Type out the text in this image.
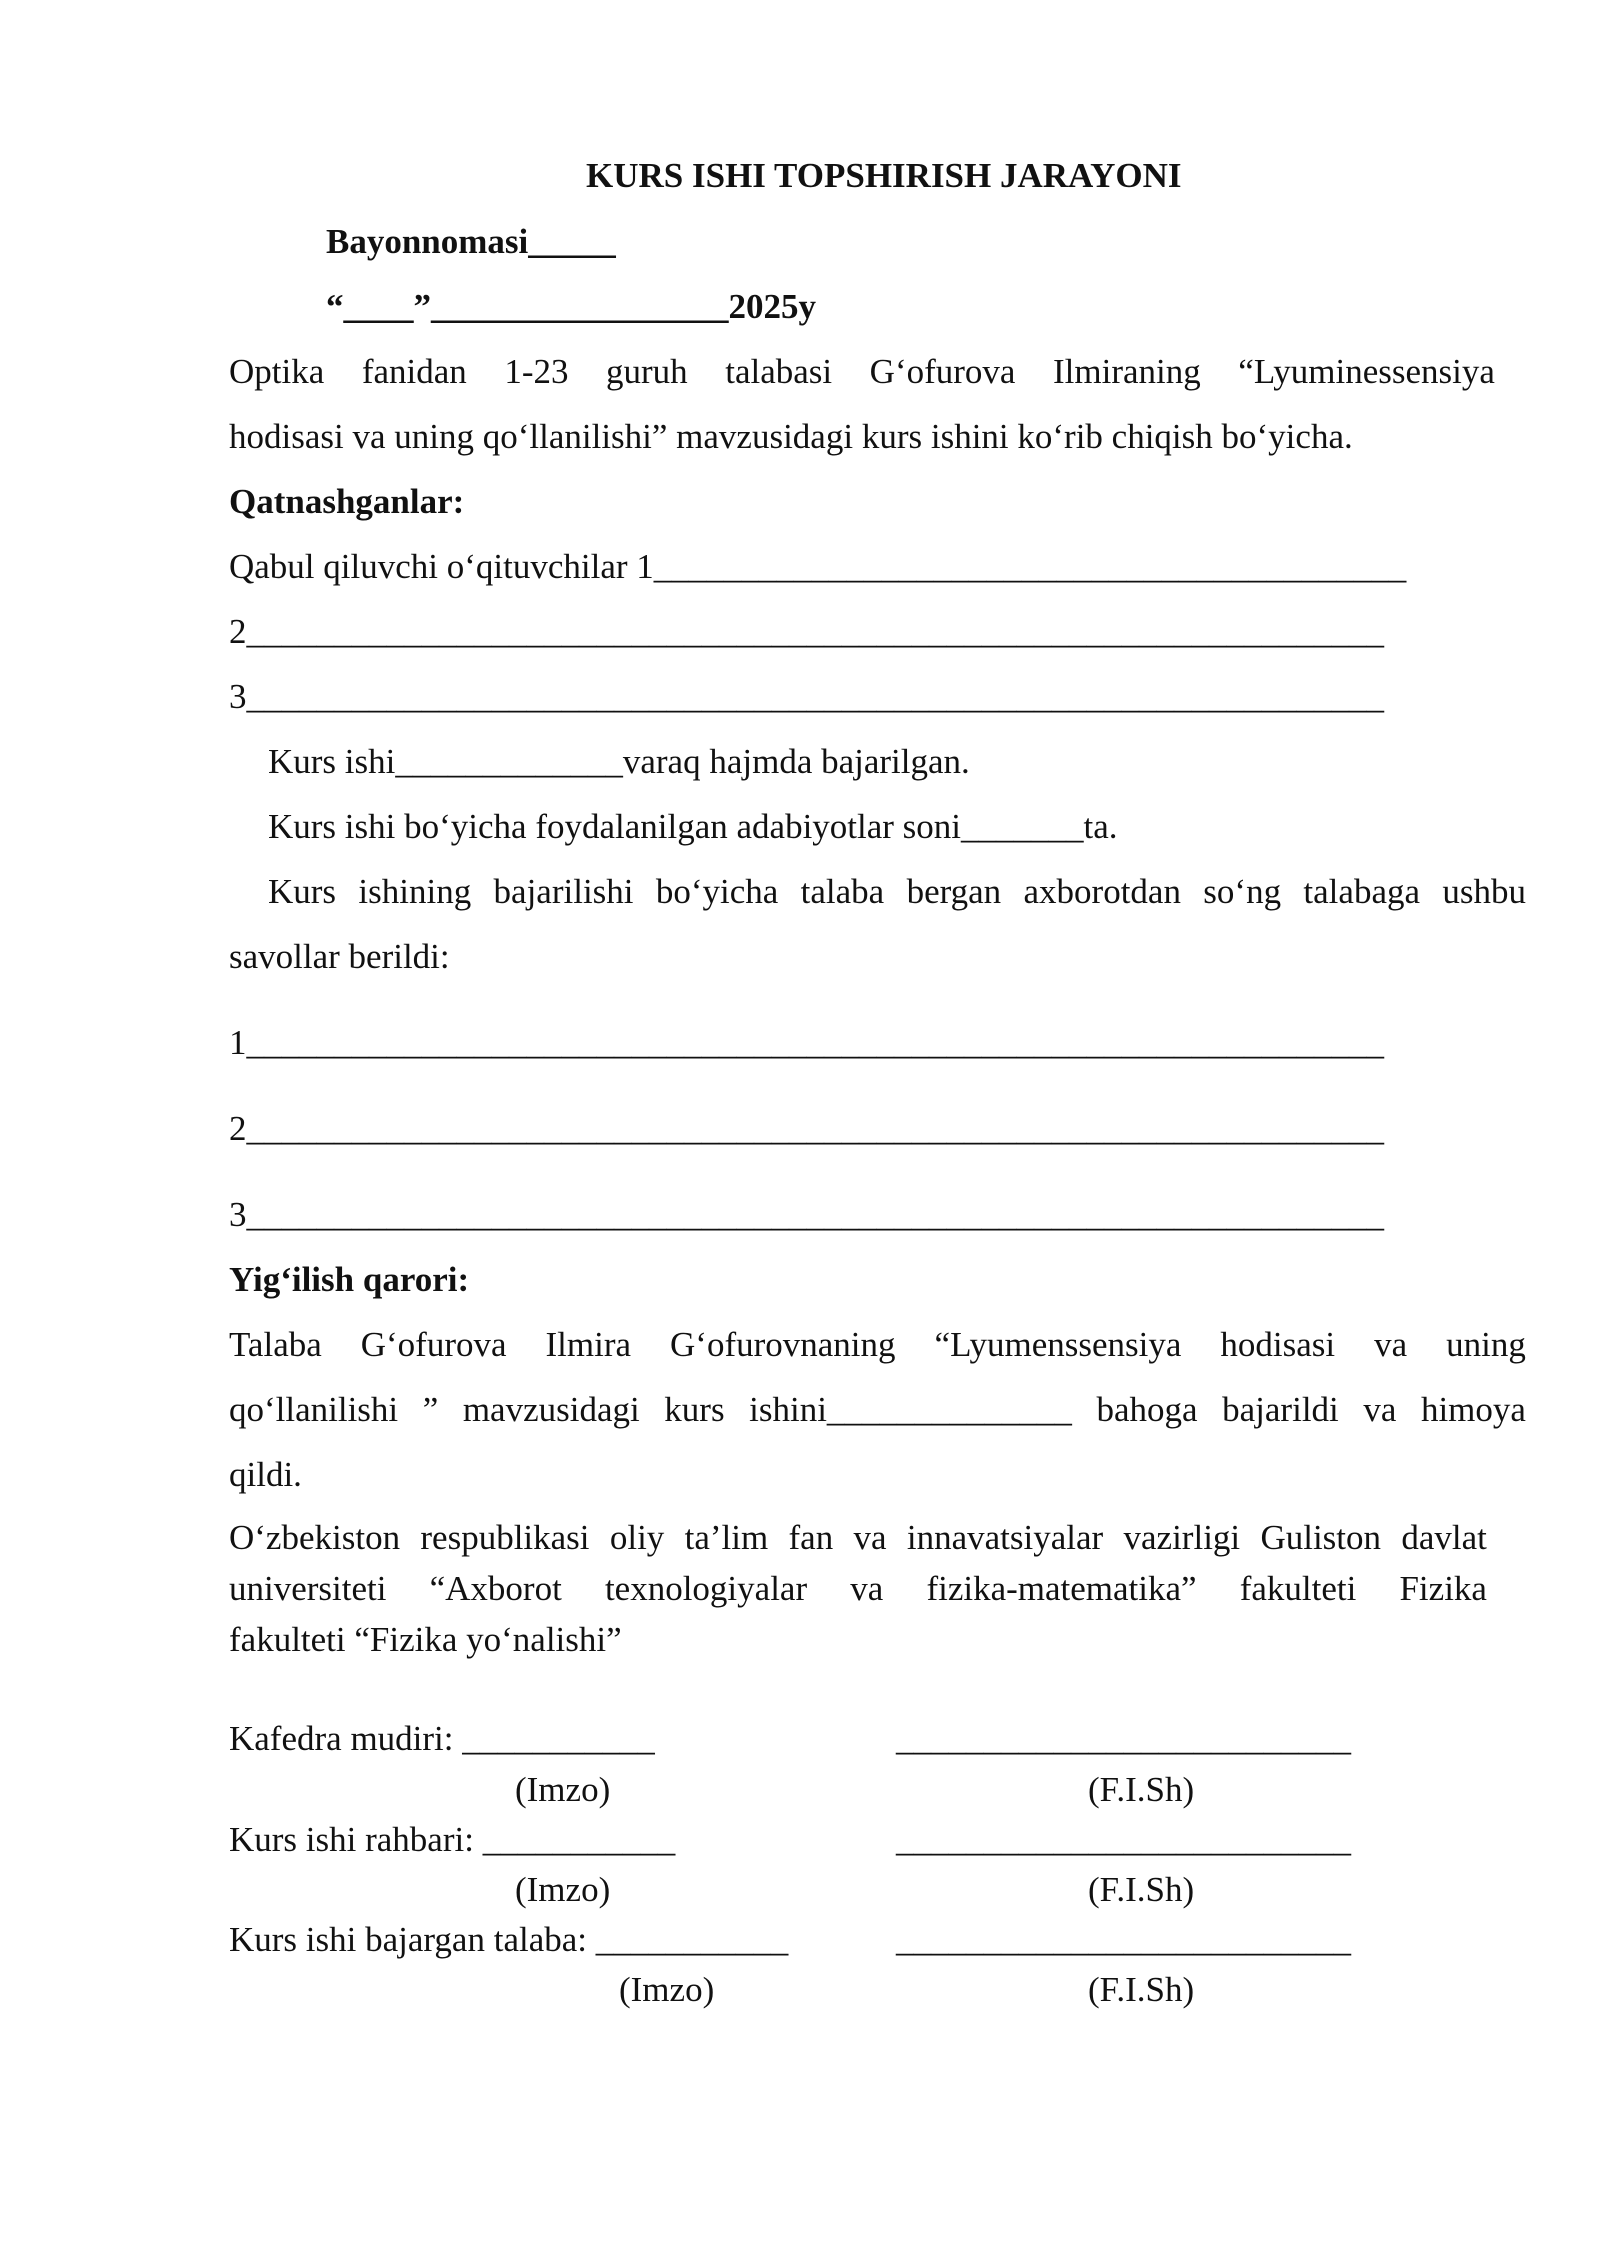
KURS ISHI TOPSHIRISH JARAYONI
Bayonnomasi_____
“____”_________________2025y
Optika fanidan 1-23 guruh talabasi G‘ofurova Ilmiraning “Lyuminessensiya
hodisasi va uning qo‘llanilishi” mavzusidagi kurs ishini ko‘rib chiqish bo‘yicha.
Qatnashganlar:
Qabul qiluvchi o‘qituvchilar 1___________________________________________
2_________________________________________________________________
3_________________________________________________________________
Kurs ishi_____________varaq hajmda bajarilgan.
Kurs ishi bo‘yicha foydalanilgan adabiyotlar soni_______ta.
Kurs ishining bajarilishi bo‘yicha talaba bergan axborotdan so‘ng talabaga ushbu
savollar berildi:
1_________________________________________________________________
2_________________________________________________________________
3_________________________________________________________________
Yig‘ilish qarori:
Talaba G‘ofurova Ilmira G‘ofurovnaning “Lyumenssensiya hodisasi va uning
qo‘llanilishi ” mavzusidagi kurs ishini______________ bahoga bajarildi va himoya
qildi.
O‘zbekiston respublikasi oliy ta’lim fan va innavatsiyalar vazirligi Guliston davlat
universiteti “Axborot texnologiyalar va fizika-matematika” fakulteti Fizika
fakulteti “Fizika yo‘nalishi”
Kafedra mudiri: ___________	__________________________
(Imzo)	(F.I.Sh)
Kurs ishi rahbari: ___________	__________________________
(Imzo)	(F.I.Sh)
Kurs ishi bajargan talaba: ___________	__________________________
(Imzo)	(F.I.Sh)
